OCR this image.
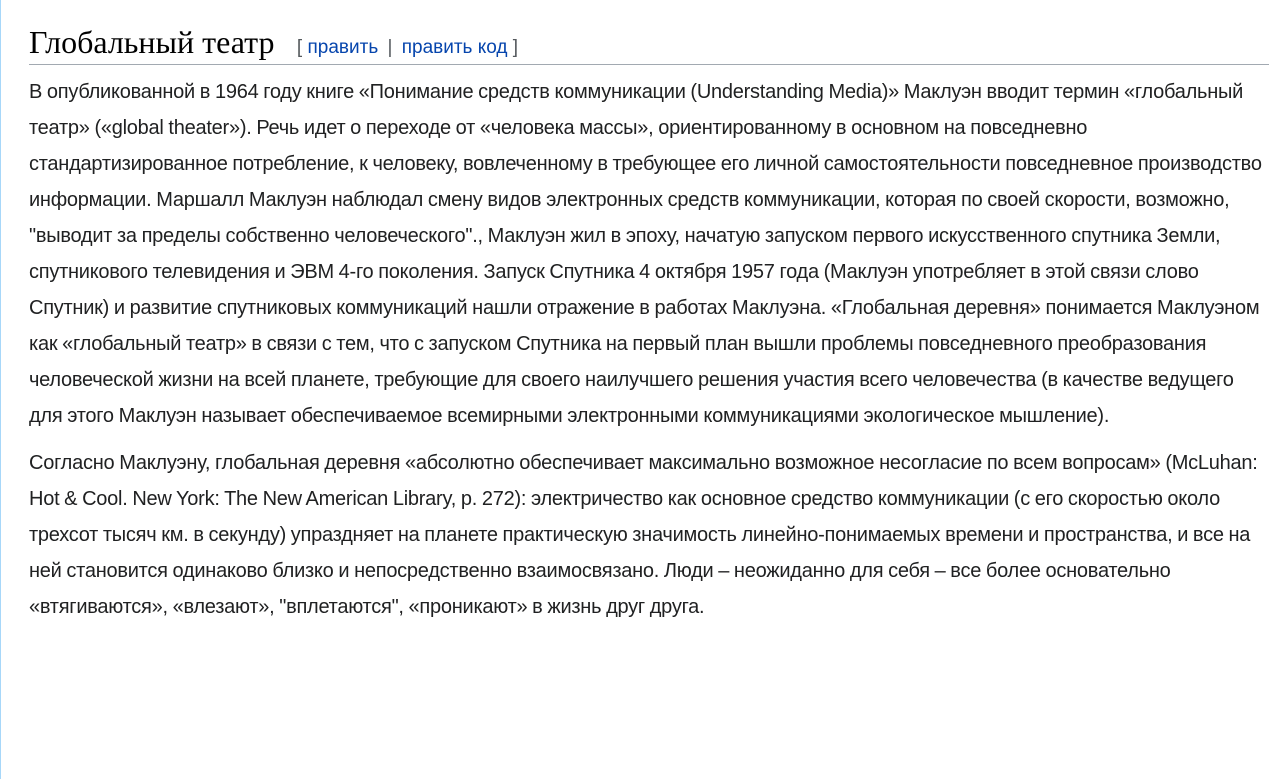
Глобальный театр [ править | править код ]

В опубликованной в 1964 году книге «Понимание средств коммуникации (Understanding Media)» Маклуэн вводит термин «глобальный театр» («global theater»). Речь идет о переходе от «человека массы», ориентированному в основном на повседневно стандартизированное потребление, к человеку, вовлеченному в требующее его личной самостоятельности повседневное производство информации. Маршалл Маклуэн наблюдал смену видов электронных средств коммуникации, которая по своей скорости, возможно, "выводит за пределы собственно человеческого"., Маклуэн жил в эпоху, начатую запуском первого искусственного спутника Земли, спутникового телевидения и ЭВМ 4-го поколения. Запуск Спутника 4 октября 1957 года (Маклуэн употребляет в этой связи слово Спутник) и развитие спутниковых коммуникаций нашли отражение в работах Маклуэна. «Глобальная деревня» понимается Маклуэном как «глобальный театр» в связи с тем, что с запуском Спутника на первый план вышли проблемы повседневного преобразования человеческой жизни на всей планете, требующие для своего наилучшего решения участия всего человечества (в качестве ведущего для этого Маклуэн называет обеспечиваемое всемирными электронными коммуникациями экологическое мышление).

Согласно Маклуэну, глобальная деревня «абсолютно обеспечивает максимально возможное несогласие по всем вопросам» (McLuhan: Hot & Cool. New York: The New American Library, p. 272): электричество как основное средство коммуникации (с его скоростью около трехсот тысяч км. в секунду) упраздняет на планете практическую значимость линейно-понимаемых времени и пространства, и все на ней становится одинаково близко и непосредственно взаимосвязано. Люди – неожиданно для себя – все более основательно «втягиваются», «влезают», "вплетаются", «проникают» в жизнь друг друга.
